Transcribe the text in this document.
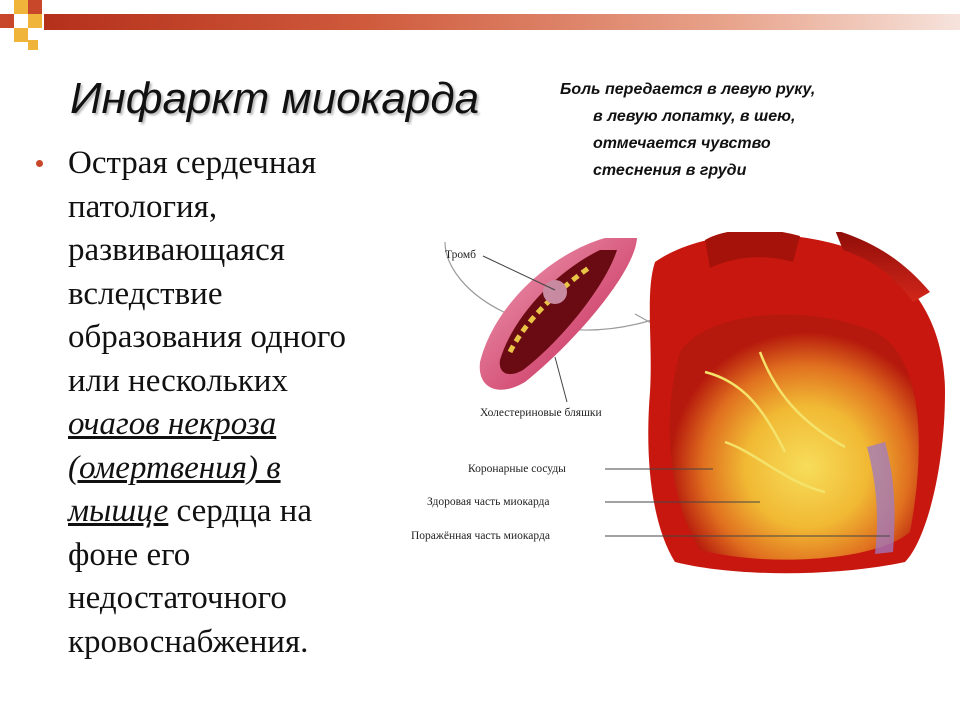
Инфаркт миокарда	Боль передается в левую руку,
в левую лопатку, в шею,
отмечается чувство
стеснения в груди

Острая сердечная
патология,
развивающаяся
вследствие
образования одного
или нескольких
очагов некроза
(омертвения) в
мышце сердца на
фоне его
недостаточного
кровоснабжения.

Тромб
Холестериновые бляшки
Коронарные сосуды
Здоровая часть миокарда
Поражённая часть миокарда
